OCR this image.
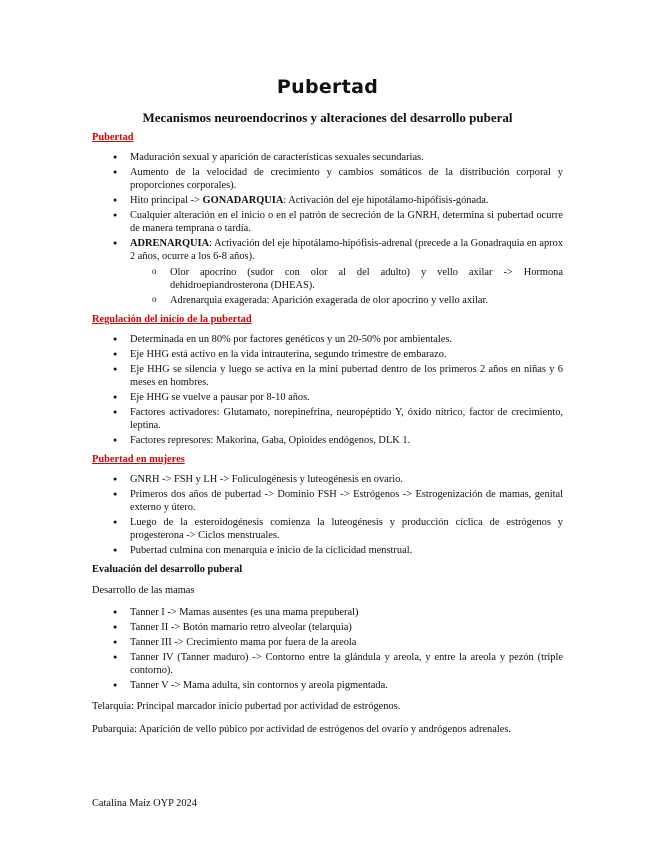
Pubertad
Mecanismos neuroendocrinos y alteraciones del desarrollo puberal
Pubertad
● Maduración sexual y aparición de características sexuales secundarias.
● Aumento de la velocidad de crecimiento y cambios somáticos de la distribución corporal y proporciones corporales).
● Hito principal -> GONADARQUIA: Activación del eje hipotálamo-hipófisis-gónada.
● Cualquier alteración en el inicio o en el patrón de secreción de la GNRH, determina si pubertad ocurre de manera temprana o tardía.
● ADRENARQUIA: Activación del eje hipotálamo-hipófisis-adrenal (precede a la Gonadraquia en aprox 2 años, ocurre a los 6-8 años).
o Olor apocrino (sudor con olor al del adulto) y vello axilar -> Hormona dehidroepiandrosterona (DHEAS).
o Adrenarquia exagerada: Aparición exagerada de olor apocrino y vello axilar.
Regulación del inicio de la pubertad
● Determinada en un 80% por factores genéticos y un 20-50% por ambientales.
● Eje HHG está activo en la vida intrauterina, segundo trimestre de embarazo.
● Eje HHG se silencia y luego se activa en la mini pubertad dentro de los primeros 2 años en niñas y 6 meses en hombres.
● Eje HHG se vuelve a pausar por 8-10 años.
● Factores activadores: Glutamato, norepinefrina, neuropéptido Y, óxido nítrico, factor de crecimiento, leptina.
● Factores represores: Makorina, Gaba, Opioides endógenos, DLK 1.
Pubertad en mujeres
● GNRH -> FSH y LH -> Foliculogénesis y luteogénesis en ovario.
● Primeros dos años de pubertad -> Dominio FSH -> Estrógenos -> Estrogenización de mamas, genital externo y útero.
● Luego de la esteroidogénesis comienza la luteogénesis y producción cíclica de estrógenos y progesterona -> Ciclos menstruales.
● Pubertad culmina con menarquia e inicio de la ciclicidad menstrual.
Evaluación del desarrollo puberal
Desarrollo de las mamas
● Tanner I -> Mamas ausentes (es una mama prepuberal)
● Tanner II -> Botón mamario retro alveolar (telarquia)
● Tanner III -> Crecimiento mama por fuera de la areola
● Tanner IV (Tanner maduro) -> Contorno entre la glándula y areola, y entre la areola y pezón (triple contorno).
● Tanner V -> Mama adulta, sin contornos y areola pigmentada.
Telarquia: Principal marcador inicio pubertad por actividad de estrógenos.
Pubarquia: Aparición de vello púbico por actividad de estrógenos del ovario y andrógenos adrenales.
Catalina Maiz OYP 2024
